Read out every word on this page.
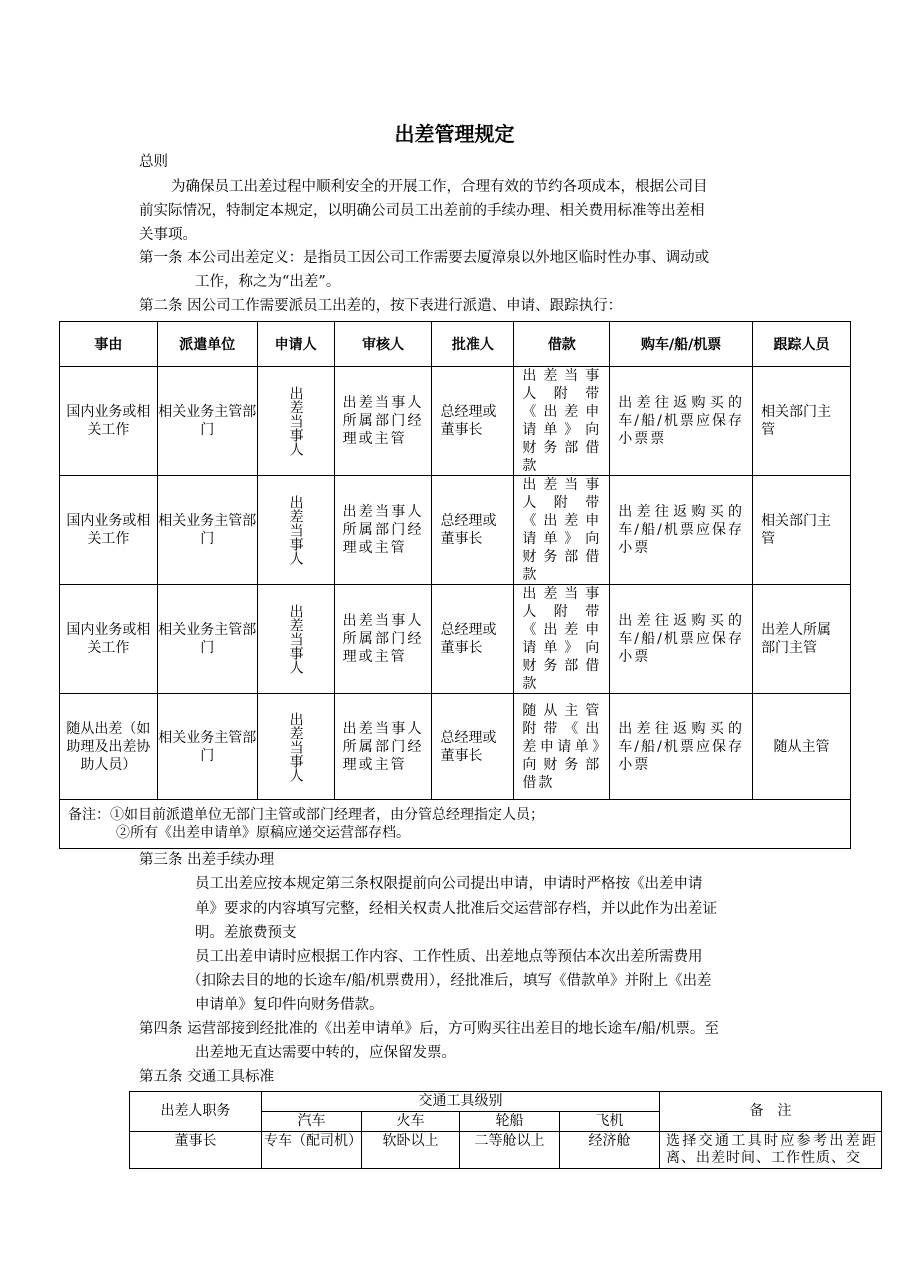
出差管理规定
总则
为确保员工出差过程中顺利安全的开展工作，合理有效的节约各项成本，根据公司目
前实际情况，特制定本规定，以明确公司员工出差前的手续办理、相关费用标准等出差相
关事项。
第一条 本公司出差定义：是指员工因公司工作需要去厦漳泉以外地区临时性办事、调动或
工作，称之为“出差”。
第二条 因公司工作需要派员工出差的，按下表进行派遣、申请、跟踪执行：
事由	派遣单位	申请人	审核人	批准人	借款	购车/船/机票	跟踪人员
国内业务或相关工作	相关业务主管部门	出差当事人	出差当事人所属部门经理或主管	总经理或董事长	出差当事人附带《出差申请单》向财务部借款	出差往返购买的车/船/机票应保存小票票	相关部门主管
国内业务或相关工作	相关业务主管部门	出差当事人	出差当事人所属部门经理或主管	总经理或董事长	出差当事人附带《出差申请单》向财务部借款	出差往返购买的车/船/机票应保存小票	相关部门主管
国内业务或相关工作	相关业务主管部门	出差当事人	出差当事人所属部门经理或主管	总经理或董事长	出差当事人附带《出差申请单》向财务部借款	出差往返购买的车/船/机票应保存小票	出差人所属部门主管
随从出差（如助理及出差协助人员）	相关业务主管部门	出差当事人	出差当事人所属部门经理或主管	总经理或董事长	随从主管附带《出差申请单》向财务部借款	出差往返购买的车/船/机票应保存小票	随从主管

备注：①如目前派遣单位无部门主管或部门经理者，由分管总经理指定人员；
②所有《出差申请单》原稿应递交运营部存档。							
第三条 出差手续办理
员工出差应按本规定第三条权限提前向公司提出申请，申请时严格按《出差申请
单》要求的内容填写完整，经相关权责人批准后交运营部存档，并以此作为出差证
明。差旅费预支
员工出差申请时应根据工作内容、工作性质、出差地点等预估本次出差所需费用
（扣除去目的地的长途车/船/机票费用），经批准后，填写《借款单》并附上《出差
申请单》复印件向财务借款。
第四条 运营部接到经批准的《出差申请单》后，方可购买往出差目的地长途车/船/机票。至
出差地无直达需要中转的，应保留发票。
第五条 交通工具标准
出差人职务	交通工具级别				备　注
	汽车	火车	轮船	飞机	
董事长	专车（配司机）	软卧以上	二等舱以上	经济舱	选择交通工具时应参考出差距离、出差时间、工作性质、交
